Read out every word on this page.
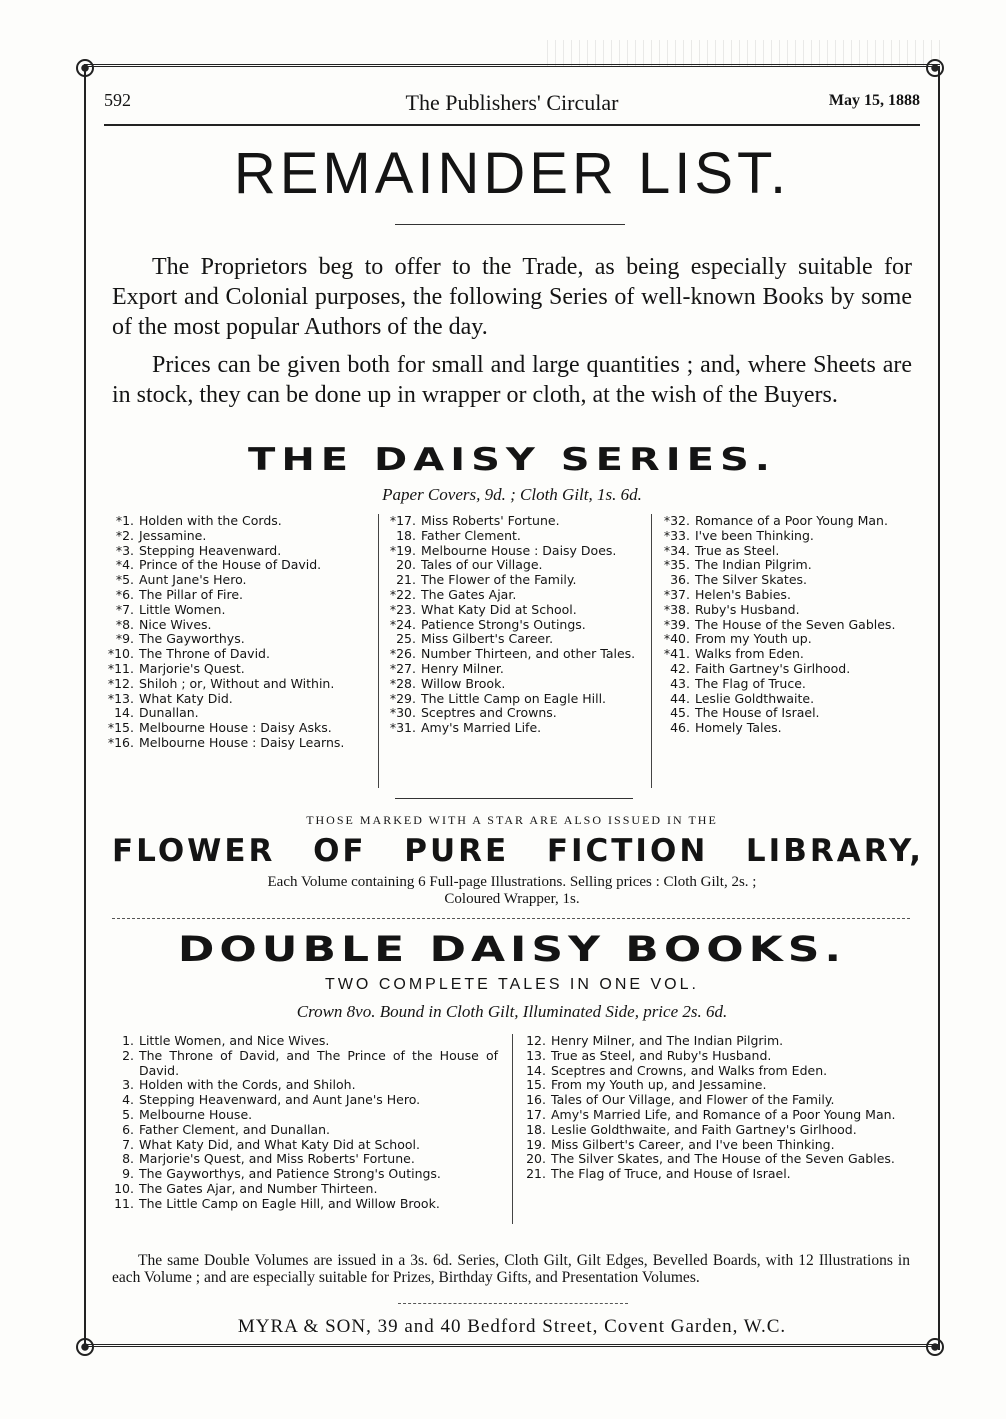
592	The Publishers' Circular	May 15, 1888
REMAINDER LIST.

The Proprietors beg to offer to the Trade, as being especially suitable for Export and Colonial purposes, the following Series of well-known Books by some of the most popular Authors of the day.

Prices can be given both for small and large quantities ; and, where Sheets are in stock, they can be done up in wrapper or cloth, at the wish of the Buyers.

THE DAISY SERIES.
Paper Covers, 9d. ; Cloth Gilt, 1s. 6d.
*1. Holden with the Cords.
*2. Jessamine.
*3. Stepping Heavenward.
*4. Prince of the House of David.
*5. Aunt Jane's Hero.
*6. The Pillar of Fire.
*7. Little Women.
*8. Nice Wives.
*9. The Gayworthys.
*10. The Throne of David.
*11. Marjorie's Quest.
*12. Shiloh ; or, Without and Within.
*13. What Katy Did.
14. Dunallan.
*15. Melbourne House : Daisy Asks.
*16. Melbourne House : Daisy Learns.
*17. Miss Roberts' Fortune.
18. Father Clement.
*19. Melbourne House : Daisy Does.
20. Tales of our Village.
21. The Flower of the Family.
*22. The Gates Ajar.
*23. What Katy Did at School.
*24. Patience Strong's Outings.
25. Miss Gilbert's Career.
*26. Number Thirteen, and other Tales.
*27. Henry Milner.
*28. Willow Brook.
*29. The Little Camp on Eagle Hill.
*30. Sceptres and Crowns.
*31. Amy's Married Life.
*32. Romance of a Poor Young Man.
*33. I've been Thinking.
*34. True as Steel.
*35. The Indian Pilgrim.
36. The Silver Skates.
*37. Helen's Babies.
*38. Ruby's Husband.
*39. The House of the Seven Gables.
*40. From my Youth up.
*41. Walks from Eden.
42. Faith Gartney's Girlhood.
43. The Flag of Truce.
44. Leslie Goldthwaite.
45. The House of Israel.
46. Homely Tales.
THOSE MARKED WITH A STAR ARE ALSO ISSUED IN THE
FLOWER OF PURE FICTION LIBRARY,
Each Volume containing 6 Full-page Illustrations. Selling prices : Cloth Gilt, 2s. ;
Coloured Wrapper, 1s.
DOUBLE DAISY BOOKS.
TWO COMPLETE TALES IN ONE VOL.
Crown 8vo. Bound in Cloth Gilt, Illuminated Side, price 2s. 6d.
1. Little Women, and Nice Wives.
2. The Throne of David, and The Prince of the House of David.
3. Holden with the Cords, and Shiloh.
4. Stepping Heavenward, and Aunt Jane's Hero.
5. Melbourne House.
6. Father Clement, and Dunallan.
7. What Katy Did, and What Katy Did at School.
8. Marjorie's Quest, and Miss Roberts' Fortune.
9. The Gayworthys, and Patience Strong's Outings.
10. The Gates Ajar, and Number Thirteen.
11. The Little Camp on Eagle Hill, and Willow Brook.
12. Henry Milner, and The Indian Pilgrim.
13. True as Steel, and Ruby's Husband.
14. Sceptres and Crowns, and Walks from Eden.
15. From my Youth up, and Jessamine.
16. Tales of Our Village, and Flower of the Family.
17. Amy's Married Life, and Romance of a Poor Young Man.
18. Leslie Goldthwaite, and Faith Gartney's Girlhood.
19. Miss Gilbert's Career, and I've been Thinking.
20. The Silver Skates, and The House of the Seven Gables.
21. The Flag of Truce, and House of Israel.

The same Double Volumes are issued in a 3s. 6d. Series, Cloth Gilt, Gilt Edges, Bevelled Boards, with 12 Illustrations in each Volume ; and are especially suitable for Prizes, Birthday Gifts, and Presentation Volumes.

MYRA & SON, 39 and 40 Bedford Street, Covent Garden, W.C.
